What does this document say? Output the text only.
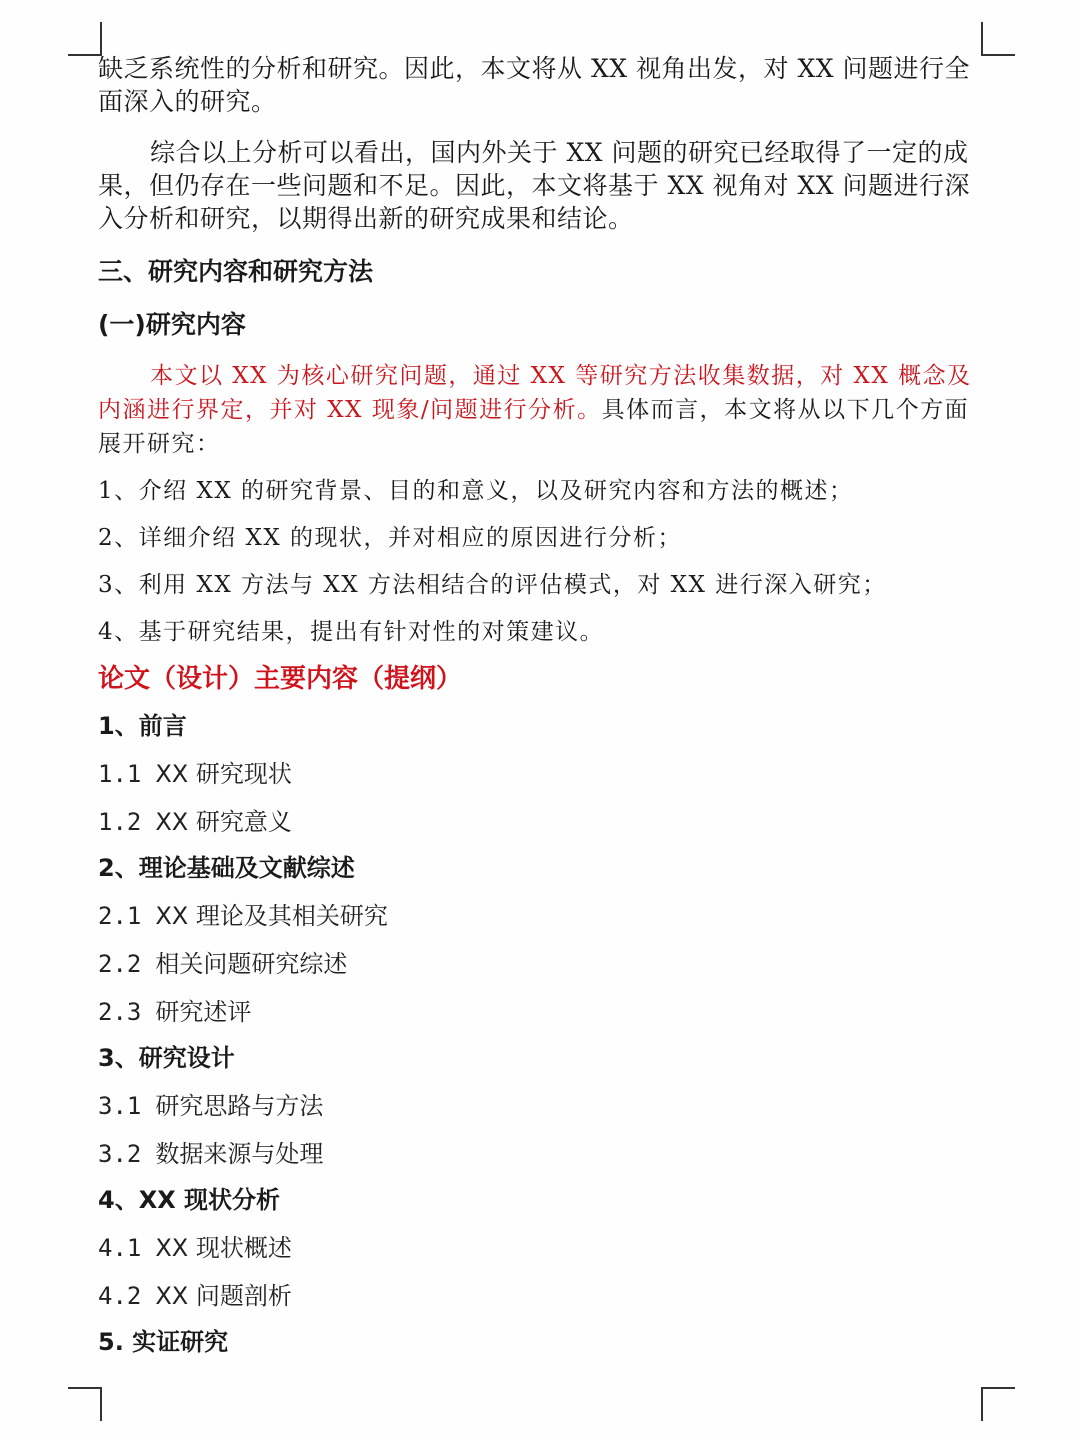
缺乏系统性的分析和研究。因此，本文将从 XX 视角出发，对 XX 问题进行全面深入的研究。

综合以上分析可以看出，国内外关于 XX 问题的研究已经取得了一定的成果，但仍存在一些问题和不足。因此，本文将基于 XX 视角对 XX 问题进行深入分析和研究，以期得出新的研究成果和结论。

三、研究内容和研究方法

(一)研究内容

本文以 XX 为核心研究问题，通过 XX 等研究方法收集数据，对 XX 概念及内涵进行界定，并对 XX 现象/问题进行分析。具体而言，本文将从以下几个方面展开研究：

1、介绍 XX 的研究背景、目的和意义，以及研究内容和方法的概述；

2、详细介绍 XX 的现状，并对相应的原因进行分析；

3、利用 XX 方法与 XX 方法相结合的评估模式，对 XX 进行深入研究；

4、基于研究结果，提出有针对性的对策建议。

论文（设计）主要内容（提纲）

1、前言

1.1 XX 研究现状

1.2 XX 研究意义

2、理论基础及文献综述

2.1 XX 理论及其相关研究

2.2 相关问题研究综述

2.3 研究述评

3、研究设计

3.1 研究思路与方法

3.2 数据来源与处理

4、XX 现状分析

4.1 XX 现状概述

4.2 XX 问题剖析

5. 实证研究
